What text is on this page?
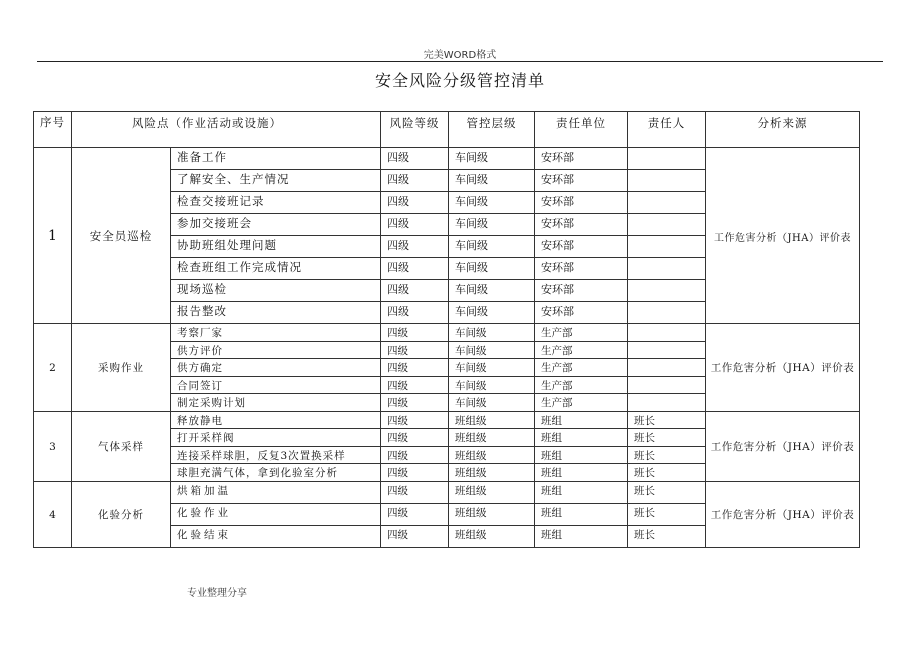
完美WORD格式
安全风险分级管控清单
序号	风险点（作业活动或设施）		风险等级	管控层级	责任单位	责任人	分析来源
1	安全员巡检	准备工作	四级	车间级	安环部		工作危害分析（JHA）评价表
		了解安全、生产情况	四级	车间级	安环部		
		检查交接班记录	四级	车间级	安环部		
		参加交接班会	四级	车间级	安环部		
		协助班组处理问题	四级	车间级	安环部		
		检查班组工作完成情况	四级	车间级	安环部		
		现场巡检	四级	车间级	安环部		
		报告整改	四级	车间级	安环部		
2	采购作业	考察厂家	四级	车间级	生产部		工作危害分析（JHA）评价表
		供方评价	四级	车间级	生产部		
		供方确定	四级	车间级	生产部		
		合同签订	四级	车间级	生产部		
		制定采购计划	四级	车间级	生产部		
3	气体采样	释放静电	四级	班组级	班组	班长	工作危害分析（JHA）评价表
		打开采样阀	四级	班组级	班组	班长	
		连接采样球胆，反复3次置换采样	四级	班组级	班组	班长	
		球胆充满气体，拿到化验室分析	四级	班组级	班组	班长	
4	化验分析	烘箱加温	四级	班组级	班组	班长	工作危害分析（JHA）评价表
		化验作业	四级	班组级	班组	班长	
		化验结束	四级	班组级	班组	班长	
专业整理分享
